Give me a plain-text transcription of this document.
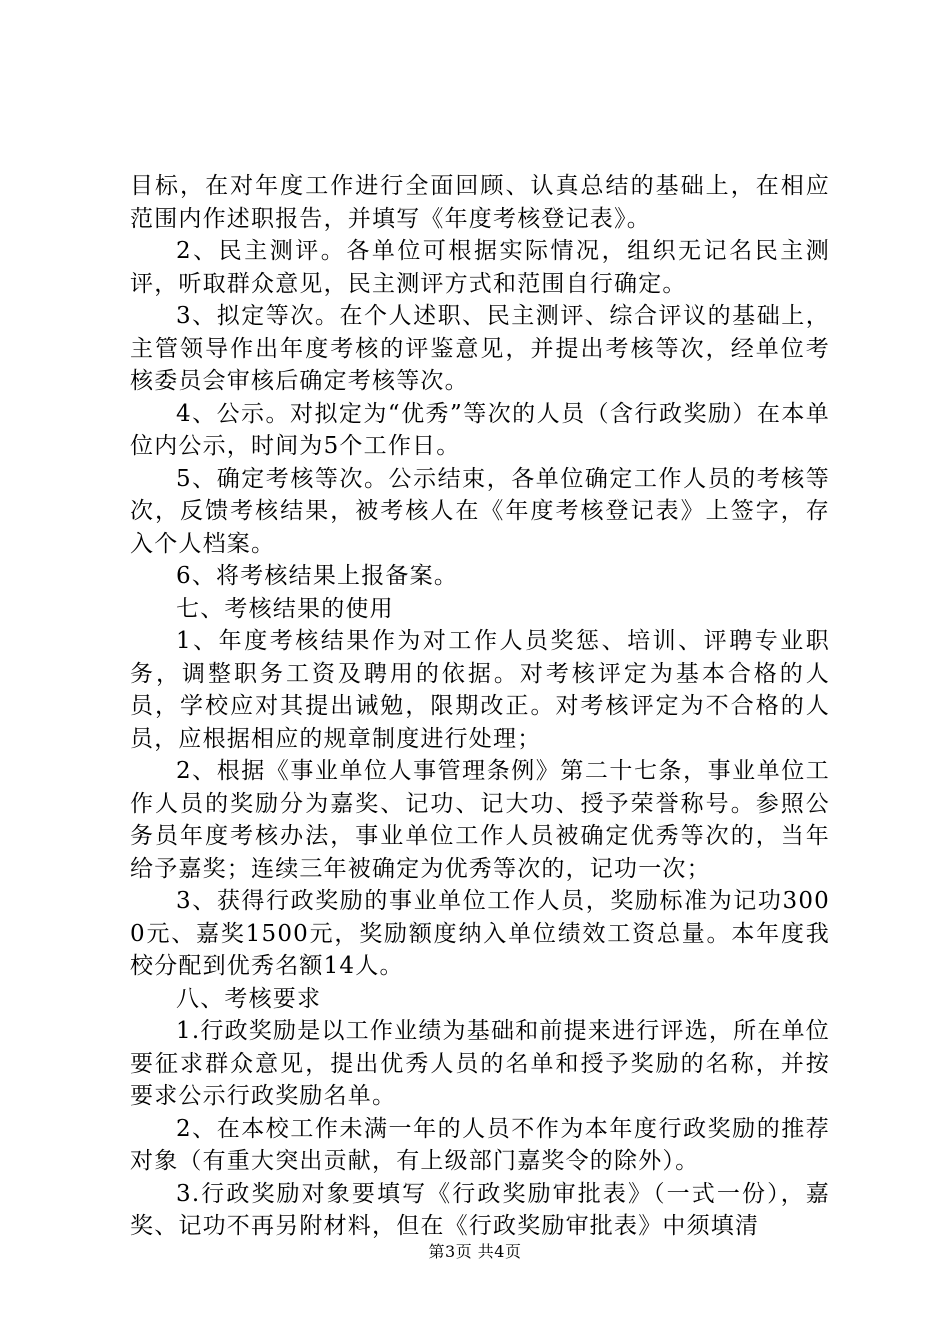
目标，在对年度工作进行全面回顾、认真总结的基础上，在相应范围内作述职报告，并填写《年度考核登记表》。

2、民主测评。各单位可根据实际情况，组织无记名民主测评，听取群众意见，民主测评方式和范围自行确定。

3、拟定等次。在个人述职、民主测评、综合评议的基础上，主管领导作出年度考核的评鉴意见，并提出考核等次，经单位考核委员会审核后确定考核等次。

4、公示。对拟定为“优秀”等次的人员（含行政奖励）在本单位内公示，时间为5个工作日。

5、确定考核等次。公示结束，各单位确定工作人员的考核等次，反馈考核结果，被考核人在《年度考核登记表》上签字，存入个人档案。

6、将考核结果上报备案。

七、考核结果的使用

1、年度考核结果作为对工作人员奖惩、培训、评聘专业职务，调整职务工资及聘用的依据。对考核评定为基本合格的人员，学校应对其提出诫勉，限期改正。对考核评定为不合格的人员，应根据相应的规章制度进行处理；

2、根据《事业单位人事管理条例》第二十七条，事业单位工作人员的奖励分为嘉奖、记功、记大功、授予荣誉称号。参照公务员年度考核办法，事业单位工作人员被确定优秀等次的，当年给予嘉奖；连续三年被确定为优秀等次的，记功一次；

3、获得行政奖励的事业单位工作人员，奖励标准为记功3000元、嘉奖1500元，奖励额度纳入单位绩效工资总量。本年度我校分配到优秀名额14人。

八、考核要求

1.行政奖励是以工作业绩为基础和前提来进行评选，所在单位要征求群众意见，提出优秀人员的名单和授予奖励的名称，并按要求公示行政奖励名单。

2、在本校工作未满一年的人员不作为本年度行政奖励的推荐对象（有重大突出贡献，有上级部门嘉奖令的除外）。

3.行政奖励对象要填写《行政奖励审批表》（一式一份），嘉奖、记功不再另附材料，但在《行政奖励审批表》中须填清

第3页 共4页
